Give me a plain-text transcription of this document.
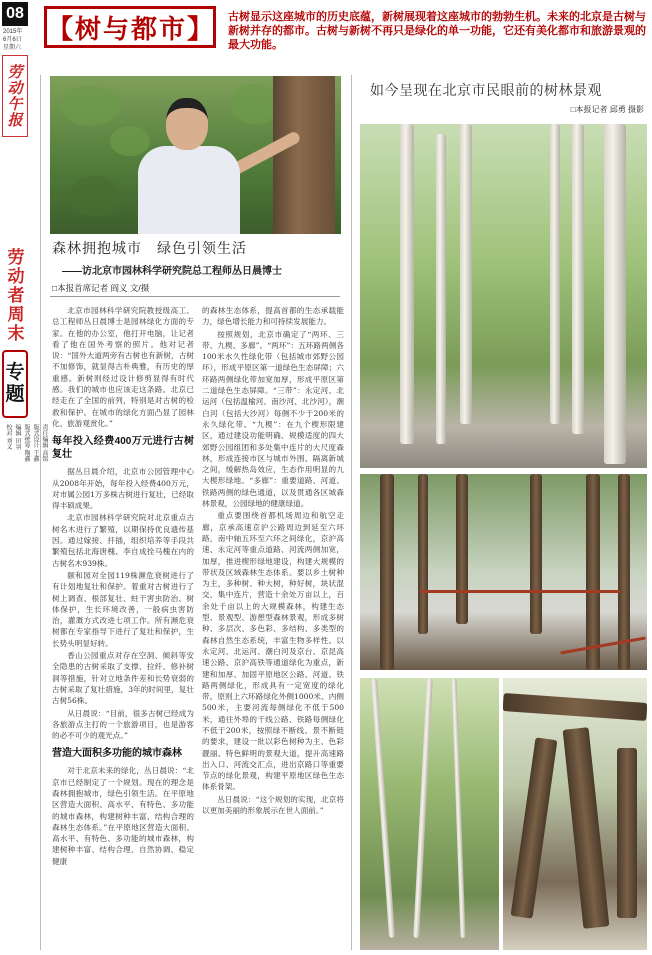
08
2015年
6月6日
星期六
劳动午报
【树与都市】 古树显示这座城市的历史底蕴，新树展现着这座城市的勃勃生机。未来的北京是古树与新树并存的都市。古树与新树不再只是绿化的单一功能，它还有美化都市和旅游景观的最大功能。
劳动者周末
专题
责任编辑 高铭
版式设计 王鑫
版式统筹 陶鑫
编辑 田羽
校对 刘义
森林拥抱城市　绿色引领生活
——访北京市园林科学研究院总工程师丛日晨博士
□本报首席记者 阎义 文/摄

北京市园林科学研究院教授级高工、总工程师丛日晨博士是园林绿化方面的专家。在他的办公室，他打开电脑，让记者看了他在国外考察的照片。他对记者说：“国外大道两旁有古树也有新树，古树不加修饰，就显得古朴典雅，有历史的厚重感。新树则经过设计修剪显得有时代感。我们的城市也应该走这条路。北京已经走在了全国的前列，特别是对古树的检救和保护。在城市的绿化方面凸显了园林化、旅游观赏化。”

每年投入经费400万元进行古树复壮

据丛日晨介绍，北京市公园管理中心从2008年开始，每年投入经费400万元，对市属公园1万多株古树进行复壮，已经取得丰硕成果。

北京市园林科学研究院对北京重点古树名木进行了繁殖，以期保持优良遗传基因。通过嫁接、扦插，组织培养等手段共繁殖包括北海唐槐、李自成拴马槐在内的古树名木939株。

颐和园对全园119株濒危衰树进行了有计划地复壮和保护。着重对古树进行了树上调查、根部复壮、蛀干害虫防治、树体保护，生长环境改善，一般病虫害防治，灌溉方式改进七项工作。所有濒危衰树都在专家指导下进行了复壮和保护，生长势头明显好转。

香山公园重点对存在空洞、倾斜等安全隐患的古树采取了支撑、拉纤、修补树洞等措施，针对立地条件差和长势衰弱的古树采取了复壮措施，3年的时间里，复壮古树56株。

从日晨说：“目前，很多古树已经成为各旅游点主打的一个旅游项目，也是游客的必不可少的观光点。”

营造大面积多功能的城市森林

对于北京未来的绿化，丛日晨说：“北京市已经制定了一个规划。现在的理念是森林拥抱城市，绿色引领生活。在平原地区营造大面积、高水平、有特色、多功能的城市森林，构建树种丰富、结构合理的森林生态体系。”在平原地区营造大面积、高水平、有特色、多功能的城市森林，构建树种丰富、结构合理、自然协调、稳定健康

的森林生态体系，提高首都的生态承载能力，绿色增长能力和可持续发展能力。

按照规划，北京市确定了“两环、三带、九楔、多廊”。“两环”：五环路两侧各100米水久性绿化带（包括城市郊野公园环），形成平原区第一道绿色生态屏障；六环路两侧绿化带加宽加厚，形成平原区第二道绿色生态屏障。“三带”：永定河、北运河（包括温榆河、南沙河、北沙河），潮白河（包括大沙河）每侧不少于200米的永久绿化带。“九楔”：在九个楔形限建区，通过建设功能明确、规模适度的四大郊野公园组团和多处集中连片的大尺度森林，形成连接市区与城市外围、隔离新城之间，缓解热岛效应，生态作用明显的九大楔形绿地。“多廊”：重要道路、河道、铁路两侧的绿色通道，以及贯通各区城森林景观，公园绿地的健康绿道。

重点要围绕首都机场周边和航空走廊，京承高速京沪公路周边到延至六环路，南中轴五环至六环之间绿化，京沪高速、永定河等重点道路、河流两侧加宽，加厚，推进楔形绿地建设，构建大规模的带状及区域森林生态体系。要以乡土树种为主，多种树、种大树，种好树，块状混交，集中连片，营造十余处万亩以上，百余处千亩以上的大规模森林，构建生态型、景观型、游憩型森林景观，形成多树种、多层次、多色彩、多结构、多类型的森林自然生态系统，丰富生物多样性。以永定河、北运河、潮白河及京台、京昆高速公路、京沪高铁等通道绿化为重点，新建和加厚、加固平原地区公路、河道、铁路两侧绿化，形成具有一定宽度的绿化带。原则上六环路绿化外侧1000米、内侧500米，主要河流每侧绿化不低于500米，通往外埠的干线公路、铁路每侧绿化不低于200米，按照绿不断线、景不断链的要求，建设一批以彩色树种为主、色彩靓丽、特色鲜明的景观大道，提升高速路出入口、河流交汇点，进出京路口等重要节点的绿化景观，构建平原地区绿色生态体系骨架。

丛日晨说：“这个规划的实现，北京将以更加美丽的形象展示在世人面前。”

如今呈现在北京市民眼前的树林景观
□本报记者 邱勇 摄影
